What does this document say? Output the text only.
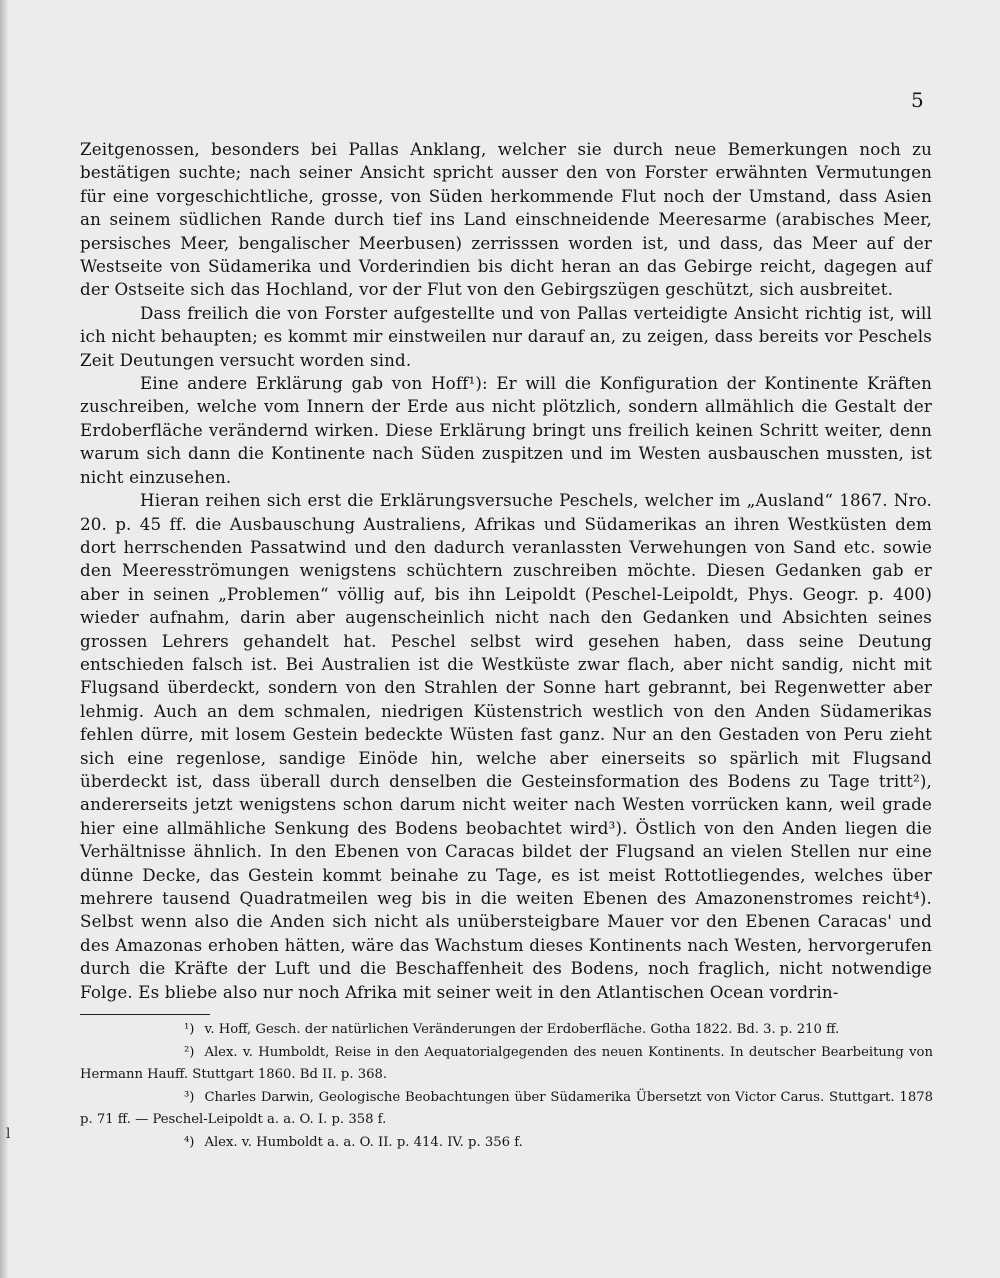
l
5

Zeitgenossen, besonders bei Pallas Anklang, welcher sie durch neue Bemerkungen noch zu bestätigen suchte; nach seiner Ansicht spricht ausser den von Forster erwähnten Vermutungen für eine vorgeschichtliche, grosse, von Süden herkommende Flut noch der Umstand, dass Asien an seinem südlichen Rande durch tief ins Land einschneidende Meeresarme (arabisches Meer, persisches Meer, bengalischer Meerbusen) zerrisssen worden ist, und dass, das Meer auf der Westseite von Südamerika und Vorderindien bis dicht heran an das Gebirge reicht, dagegen auf der Ostseite sich das Hochland, vor der Flut von den Gebirgszügen geschützt, sich ausbreitet.

Dass freilich die von Forster aufgestellte und von Pallas verteidigte Ansicht richtig ist, will ich nicht behaupten; es kommt mir einstweilen nur darauf an, zu zeigen, dass bereits vor Peschels Zeit Deutungen versucht worden sind.

Eine andere Erklärung gab von Hoff¹): Er will die Konfiguration der Kontinente Kräften zuschreiben, welche vom Innern der Erde aus nicht plötzlich, sondern allmählich die Gestalt der Erdoberfläche verändernd wirken. Diese Erklärung bringt uns freilich keinen Schritt weiter, denn warum sich dann die Kontinente nach Süden zuspitzen und im Westen ausbauschen mussten, ist nicht einzusehen.

Hieran reihen sich erst die Erklärungsversuche Peschels, welcher im „Ausland“ 1867. Nro. 20. p. 45 ff. die Ausbauschung Australiens, Afrikas und Südamerikas an ihren Westküsten dem dort herrschenden Passatwind und den dadurch veranlassten Verwehungen von Sand etc. sowie den Meeresströmungen wenigstens schüchtern zuschreiben möchte. Diesen Gedanken gab er aber in seinen „Problemen“ völlig auf, bis ihn Leipoldt (Peschel-Leipoldt, Phys. Geogr. p. 400) wieder aufnahm, darin aber augenscheinlich nicht nach den Gedanken und Absichten seines grossen Lehrers gehandelt hat. Peschel selbst wird gesehen haben, dass seine Deutung entschieden falsch ist. Bei Australien ist die Westküste zwar flach, aber nicht sandig, nicht mit Flugsand überdeckt, sondern von den Strahlen der Sonne hart gebrannt, bei Regenwetter aber lehmig. Auch an dem schmalen, niedrigen Küstenstrich westlich von den Anden Südamerikas fehlen dürre, mit losem Gestein bedeckte Wüsten fast ganz. Nur an den Gestaden von Peru zieht sich eine regenlose, sandige Einöde hin, welche aber einerseits so spärlich mit Flugsand überdeckt ist, dass überall durch denselben die Gesteinsformation des Bodens zu Tage tritt²), andererseits jetzt wenigstens schon darum nicht weiter nach Westen vorrücken kann, weil grade hier eine allmähliche Senkung des Bodens beobachtet wird³). Östlich von den Anden liegen die Verhältnisse ähnlich. In den Ebenen von Caracas bildet der Flugsand an vielen Stellen nur eine dünne Decke, das Gestein kommt beinahe zu Tage, es ist meist Rottotliegendes, welches über mehrere tausend Quadratmeilen weg bis in die weiten Ebenen des Amazonenstromes reicht⁴). Selbst wenn also die Anden sich nicht als unübersteigbare Mauer vor den Ebenen Caracas' und des Amazonas erhoben hätten, wäre das Wachstum dieses Kontinents nach Westen, hervorgerufen durch die Kräfte der Luft und die Beschaffenheit des Bodens, noch fraglich, nicht notwendige Folge. Es bliebe also nur noch Afrika mit seiner weit in den Atlantischen Ocean vordrin-

¹) v. Hoff, Gesch. der natürlichen Veränderungen der Erdoberfläche. Gotha 1822. Bd. 3. p. 210 ff.

²) Alex. v. Humboldt, Reise in den Aequatorialgegenden des neuen Kontinents. In deutscher Bearbeitung von Hermann Hauff. Stuttgart 1860. Bd II. p. 368.

³) Charles Darwin, Geologische Beobachtungen über Südamerika Übersetzt von Victor Carus. Stuttgart. 1878 p. 71 ff. — Peschel-Leipoldt a. a. O. I. p. 358 f.

⁴) Alex. v. Humboldt a. a. O. II. p. 414. IV. p. 356 f.
